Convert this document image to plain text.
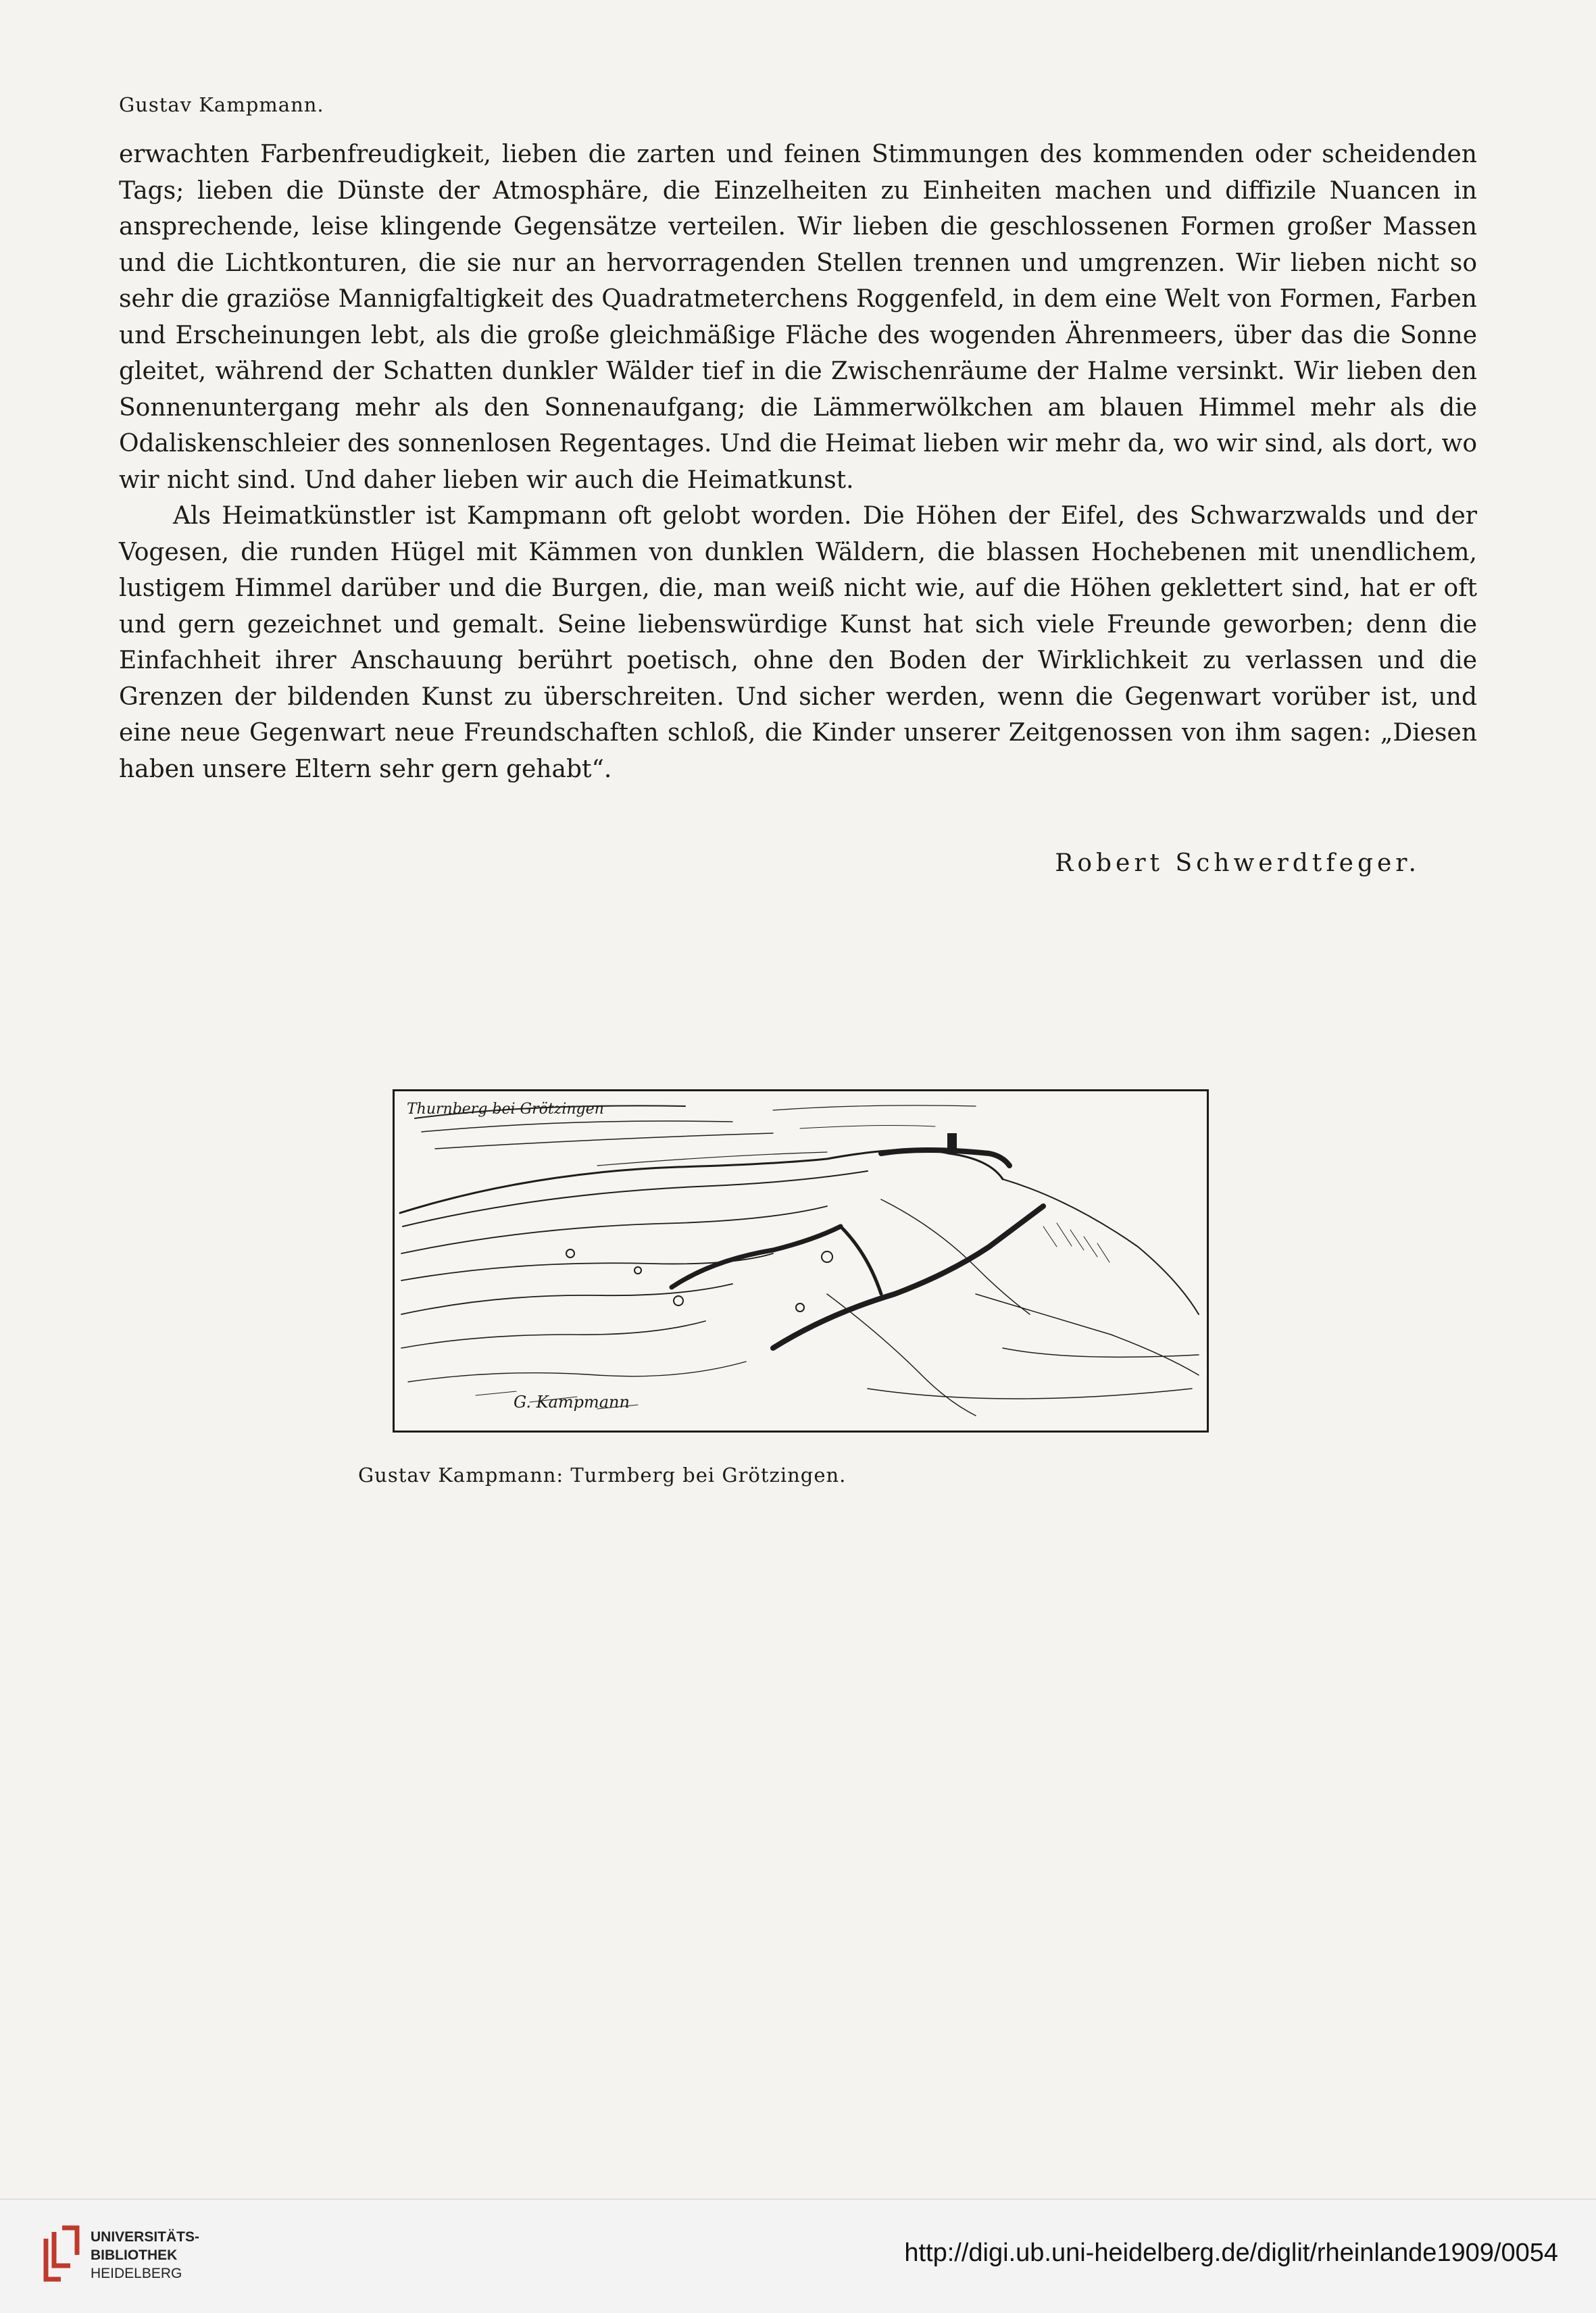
Gustav Kampmann.

erwachten Farbenfreudigkeit, lieben die zarten und feinen Stimmungen des kommenden oder scheidenden Tags; lieben die Dünste der Atmosphäre, die Einzelheiten zu Einheiten machen und diffizile Nuancen in ansprechende, leise klingende Gegensätze verteilen. Wir lieben die geschlossenen Formen großer Massen und die Lichtkonturen, die sie nur an hervorragenden Stellen trennen und umgrenzen. Wir lieben nicht so sehr die graziöse Mannigfaltigkeit des Quadratmeterchens Roggenfeld, in dem eine Welt von Formen, Farben und Erscheinungen lebt, als die große gleichmäßige Fläche des wogenden Ährenmeers, über das die Sonne gleitet, während der Schatten dunkler Wälder tief in die Zwischenräume der Halme versinkt. Wir lieben den Sonnenuntergang mehr als den Sonnenaufgang; die Lämmerwölkchen am blauen Himmel mehr als die Odaliskenschleier des sonnenlosen Regentages. Und die Heimat lieben wir mehr da, wo wir sind, als dort, wo wir nicht sind. Und daher lieben wir auch die Heimatkunst.

Als Heimatkünstler ist Kampmann oft gelobt worden. Die Höhen der Eifel, des Schwarzwalds und der Vogesen, die runden Hügel mit Kämmen von dunklen Wäldern, die blassen Hochebenen mit unendlichem, lustigem Himmel darüber und die Burgen, die, man weiß nicht wie, auf die Höhen geklettert sind, hat er oft und gern gezeichnet und gemalt. Seine liebenswürdige Kunst hat sich viele Freunde geworben; denn die Einfachheit ihrer Anschauung berührt poetisch, ohne den Boden der Wirklichkeit zu verlassen und die Grenzen der bildenden Kunst zu überschreiten. Und sicher werden, wenn die Gegenwart vorüber ist, und eine neue Gegenwart neue Freundschaften schloß, die Kinder unserer Zeitgenossen von ihm sagen: „Diesen haben unsere Eltern sehr gern gehabt“.

Robert Schwerdtfeger.
Thurnberg bei Grötzingen
G. Kampmann
Gustav Kampmann: Turmberg bei Grötzingen.
UNIVERSITÄTS-
BIBLIOTHEK
HEIDELBERG
http://digi.ub.uni-heidelberg.de/diglit/rheinlande1909/0054
